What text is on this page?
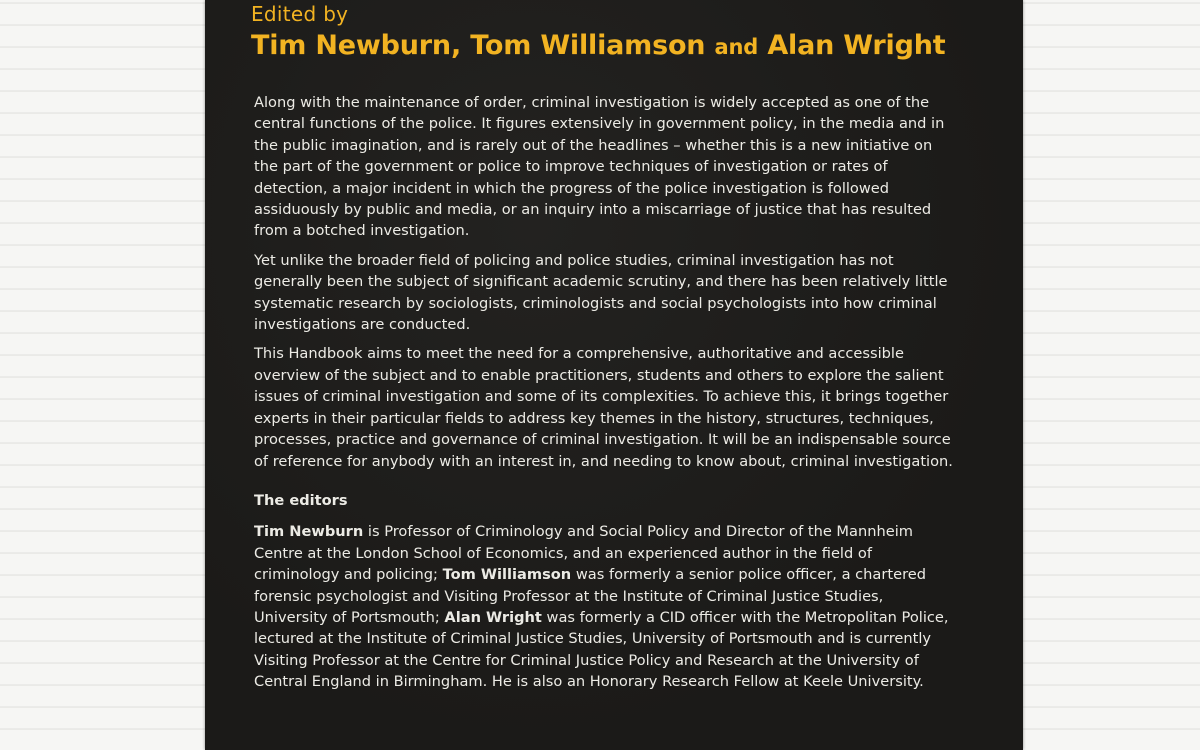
Edited by
Tim Newburn, Tom Williamson and Alan Wright

Along with the maintenance of order, criminal investigation is widely accepted as one of the central functions of the police. It figures extensively in government policy, in the media and in the public imagination, and is rarely out of the headlines – whether this is a new initiative on the part of the government or police to improve techniques of investigation or rates of detection, a major incident in which the progress of the police investigation is followed assiduously by public and media, or an inquiry into a miscarriage of justice that has resulted from a botched investigation.

Yet unlike the broader field of policing and police studies, criminal investigation has not generally been the subject of significant academic scrutiny, and there has been relatively little systematic research by sociologists, criminologists and social psychologists into how criminal investigations are conducted.

This Handbook aims to meet the need for a comprehensive, authoritative and accessible overview of the subject and to enable practitioners, students and others to explore the salient issues of criminal investigation and some of its complexities. To achieve this, it brings together experts in their particular fields to address key themes in the history, structures, techniques, processes, practice and governance of criminal investigation. It will be an indispensable source of reference for anybody with an interest in, and needing to know about, criminal investigation.

The editors

Tim Newburn is Professor of Criminology and Social Policy and Director of the Mannheim Centre at the London School of Economics, and an experienced author in the field of criminology and policing; Tom Williamson was formerly a senior police officer, a chartered forensic psychologist and Visiting Professor at the Institute of Criminal Justice Studies, University of Portsmouth; Alan Wright was formerly a CID officer with the Metropolitan Police, lectured at the Institute of Criminal Justice Studies, University of Portsmouth and is currently Visiting Professor at the Centre for Criminal Justice Policy and Research at the University of Central England in Birmingham. He is also an Honorary Research Fellow at Keele University.
